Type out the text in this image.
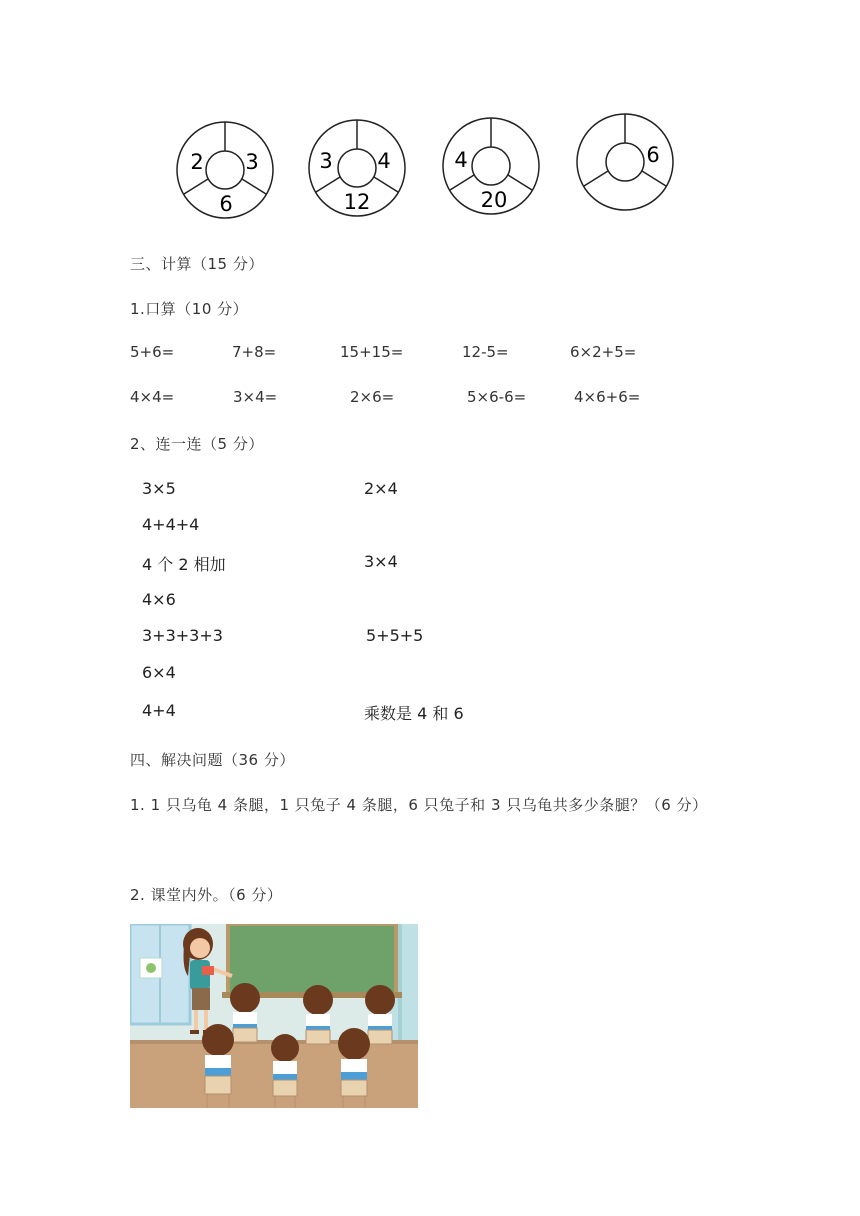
2 3
6
3 4
12
4
20
6
三、计算（15 分）
1.口算（10 分）
5+6=	7+8=	15+15=	12-5=	6×2+5=
4×4=	3×4=	2×6=	5×6-6=	4×6+6=
2、连一连（5 分）
3×5
4+4+4
4 个 2 相加
4×6
3+3+3+3
6×4
4+4
2×4
3×4
5+5+5
乘数是 4 和 6
四、解决问题（36 分）
1. 1 只乌龟 4 条腿，1 只兔子 4 条腿，6 只兔子和 3 只乌龟共多少条腿？（6 分）
2. 课堂内外。（6 分）
